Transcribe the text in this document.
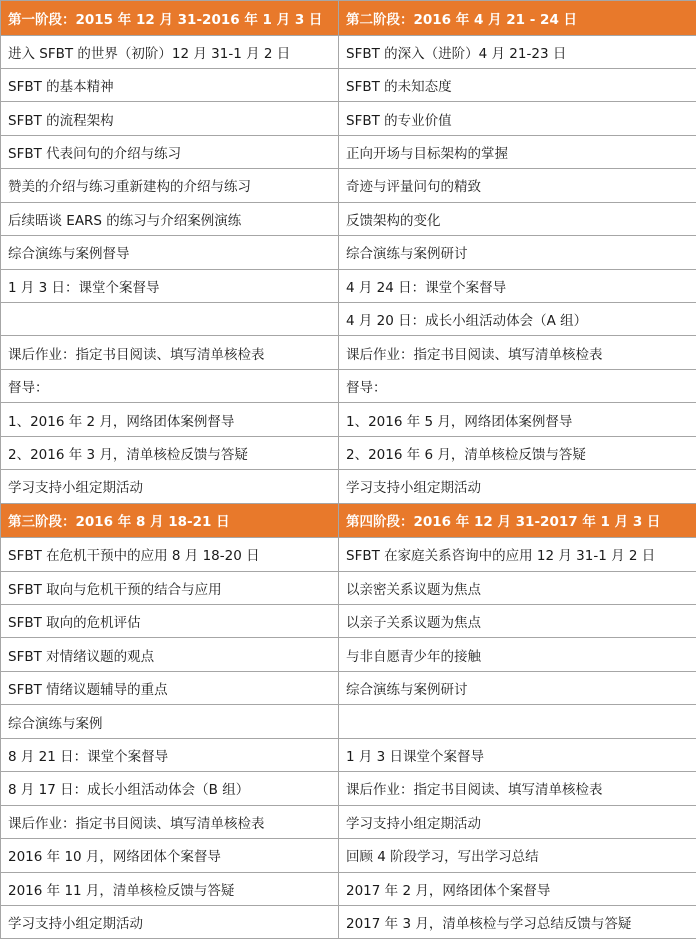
第一阶段：2015 年 12 月 31-2016 年 1 月 3 日	第二阶段：2016 年 4 月 21 - 24 日
进入 SFBT 的世界（初阶）12 月 31-1 月 2 日	SFBT 的深入（进阶）4 月 21-23 日
SFBT 的基本精神	SFBT 的未知态度
SFBT 的流程架构	SFBT 的专业价值
SFBT 代表问句的介绍与练习	正向开场与目标架构的掌握
赞美的介绍与练习重新建构的介绍与练习	奇迹与评量问句的精致
后续晤谈 EARS 的练习与介绍案例演练	反馈架构的变化
综合演练与案例督导	综合演练与案例研讨
1 月 3 日：课堂个案督导	4 月 24 日：课堂个案督导
	4 月 20 日：成长小组活动体会（A 组）
课后作业：指定书目阅读、填写清单核检表	课后作业：指定书目阅读、填写清单核检表
督导：	督导：
1、2016 年 2 月，网络团体案例督导	1、2016 年 5 月，网络团体案例督导
2、2016 年 3 月，清单核检反馈与答疑	2、2016 年 6 月，清单核检反馈与答疑
学习支持小组定期活动	学习支持小组定期活动
第三阶段：2016 年 8 月 18-21 日	第四阶段：2016 年 12 月 31-2017 年 1 月 3 日
SFBT 在危机干预中的应用 8 月 18-20 日	SFBT 在家庭关系咨询中的应用 12 月 31-1 月 2 日
SFBT 取向与危机干预的结合与应用	以亲密关系议题为焦点
SFBT 取向的危机评估	以亲子关系议题为焦点
SFBT 对情绪议题的观点	与非自愿青少年的接触
SFBT 情绪议题辅导的重点	综合演练与案例研讨
综合演练与案例	
8 月 21 日：课堂个案督导	1 月 3 日课堂个案督导
8 月 17 日：成长小组活动体会（B 组）	课后作业：指定书目阅读、填写清单核检表
课后作业：指定书目阅读、填写清单核检表	学习支持小组定期活动
2016 年 10 月，网络团体个案督导	回顾 4 阶段学习，写出学习总结
2016 年 11 月，清单核检反馈与答疑	2017 年 2 月，网络团体个案督导
学习支持小组定期活动	2017 年 3 月，清单核检与学习总结反馈与答疑
